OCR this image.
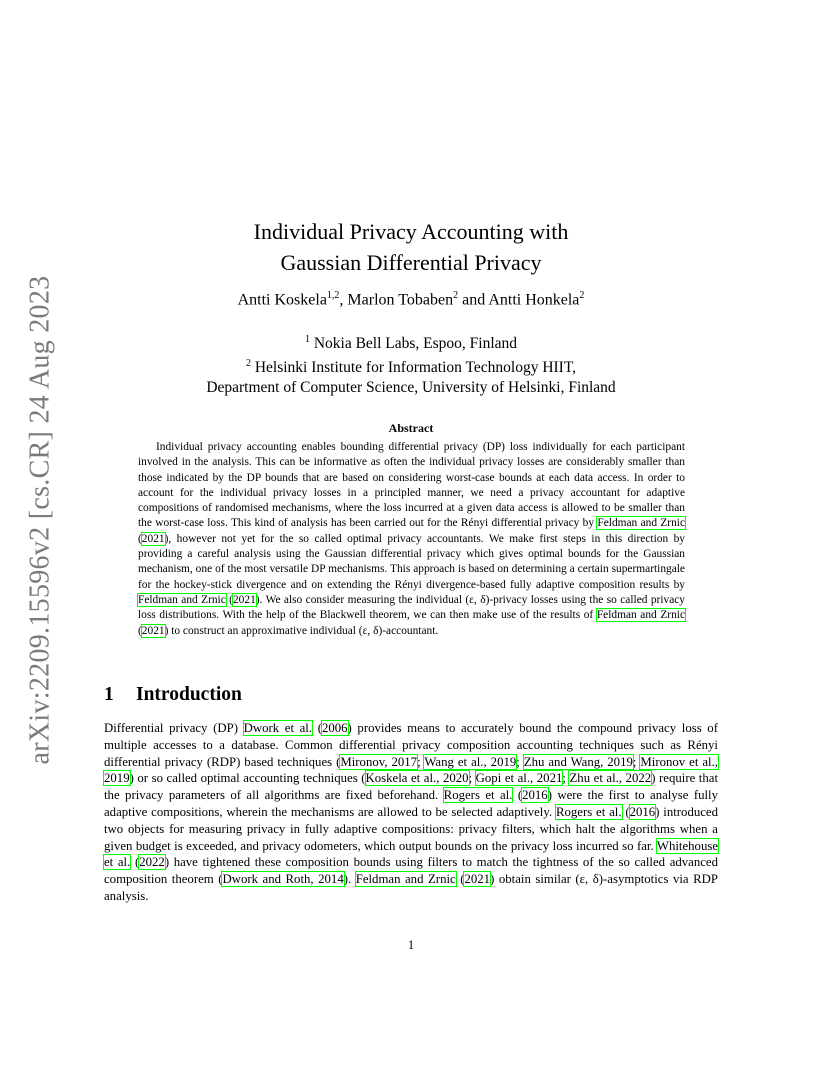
arXiv:2209.15596v2 [cs.CR] 24 Aug 2023
Individual Privacy Accounting with
Gaussian Differential Privacy
Antti Koskela$^{1,2}$, Marlon Tobaben$^2$ and Antti Honkela$^2$
$^1$ Nokia Bell Labs, Espoo, Finland
$^2$ Helsinki Institute for Information Technology HIIT,
Department of Computer Science, University of Helsinki, Finland
Abstract
Individual privacy accounting enables bounding differential privacy (DP) loss individually for each participant involved in the analysis. This can be informative as often the individual privacy losses are considerably smaller than those indicated by the DP bounds that are based on considering worst-case bounds at each data access. In order to account for the individual privacy losses in a principled manner, we need a privacy accountant for adaptive compositions of randomised mechanisms, where the loss incurred at a given data access is allowed to be smaller than the worst-case loss. This kind of analysis has been carried out for the Rényi differential privacy by Feldman and Zrnic (2021), however not yet for the so called optimal privacy accountants. We make first steps in this direction by providing a careful analysis using the Gaussian differential privacy which gives optimal bounds for the Gaussian mechanism, one of the most versatile DP mechanisms. This approach is based on determining a certain supermartingale for the hockey-stick divergence and on extending the Rényi divergence-based fully adaptive composition results by Feldman and Zrnic (2021). We also consider measuring the individual (ε, δ)-privacy losses using the so called privacy loss distributions. With the help of the Blackwell theorem, we can then make use of the results of Feldman and Zrnic (2021) to construct an approximative individual (ε, δ)-accountant.
1 Introduction
Differential privacy (DP) Dwork et al. (2006) provides means to accurately bound the compound privacy loss of multiple accesses to a database. Common differential privacy composition accounting techniques such as Rényi differential privacy (RDP) based techniques (Mironov, 2017; Wang et al., 2019; Zhu and Wang, 2019; Mironov et al., 2019) or so called optimal accounting techniques (Koskela et al., 2020; Gopi et al., 2021; Zhu et al., 2022) require that the privacy parameters of all algorithms are fixed beforehand. Rogers et al. (2016) were the first to analyse fully adaptive compositions, wherein the mechanisms are allowed to be selected adaptively. Rogers et al. (2016) introduced two objects for measuring privacy in fully adaptive compositions: privacy filters, which halt the algorithms when a given budget is exceeded, and privacy odometers, which output bounds on the privacy loss incurred so far. Whitehouse et al. (2022) have tightened these composition bounds using filters to match the tightness of the so called advanced composition theorem (Dwork and Roth, 2014). Feldman and Zrnic (2021) obtain similar (ε, δ)-asymptotics via RDP analysis.
1
